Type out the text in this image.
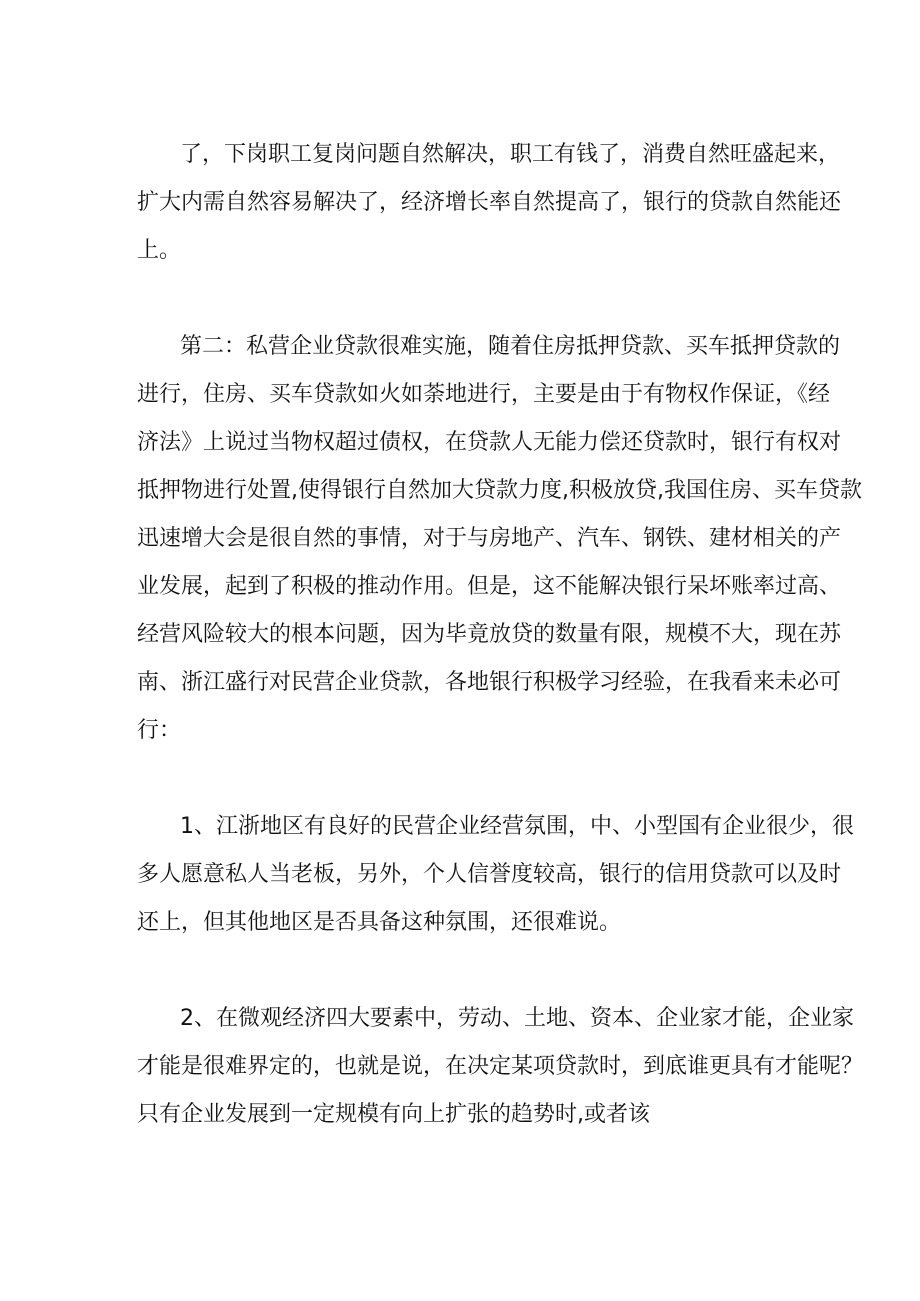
了，下岗职工复岗问题自然解决，职工有钱了，消费自然旺盛起来，
扩大内需自然容易解决了，经济增长率自然提高了，银行的贷款自然能还
上。
第二：私营企业贷款很难实施，随着住房抵押贷款、买车抵押贷款的
进行，住房、买车贷款如火如荼地进行，主要是由于有物权作保证，《经
济法》上说过当物权超过债权，在贷款人无能力偿还贷款时，银行有权对
抵押物进行处置,使得银行自然加大贷款力度,积极放贷,我国住房、买车贷款
迅速增大会是很自然的事情，对于与房地产、汽车、钢铁、建材相关的产
业发展，起到了积极的推动作用。但是，这不能解决银行呆坏账率过高、
经营风险较大的根本问题，因为毕竟放贷的数量有限，规模不大，现在苏
南、浙江盛行对民营企业贷款，各地银行积极学习经验，在我看来未必可
行：
1、江浙地区有良好的民营企业经营氛围，中、小型国有企业很少，很
多人愿意私人当老板，另外，个人信誉度较高，银行的信用贷款可以及时
还上，但其他地区是否具备这种氛围，还很难说。
2、在微观经济四大要素中，劳动、土地、资本、企业家才能，企业家
才能是很难界定的，也就是说，在决定某项贷款时，到底谁更具有才能呢？
只有企业发展到一定规模有向上扩张的趋势时,或者该
